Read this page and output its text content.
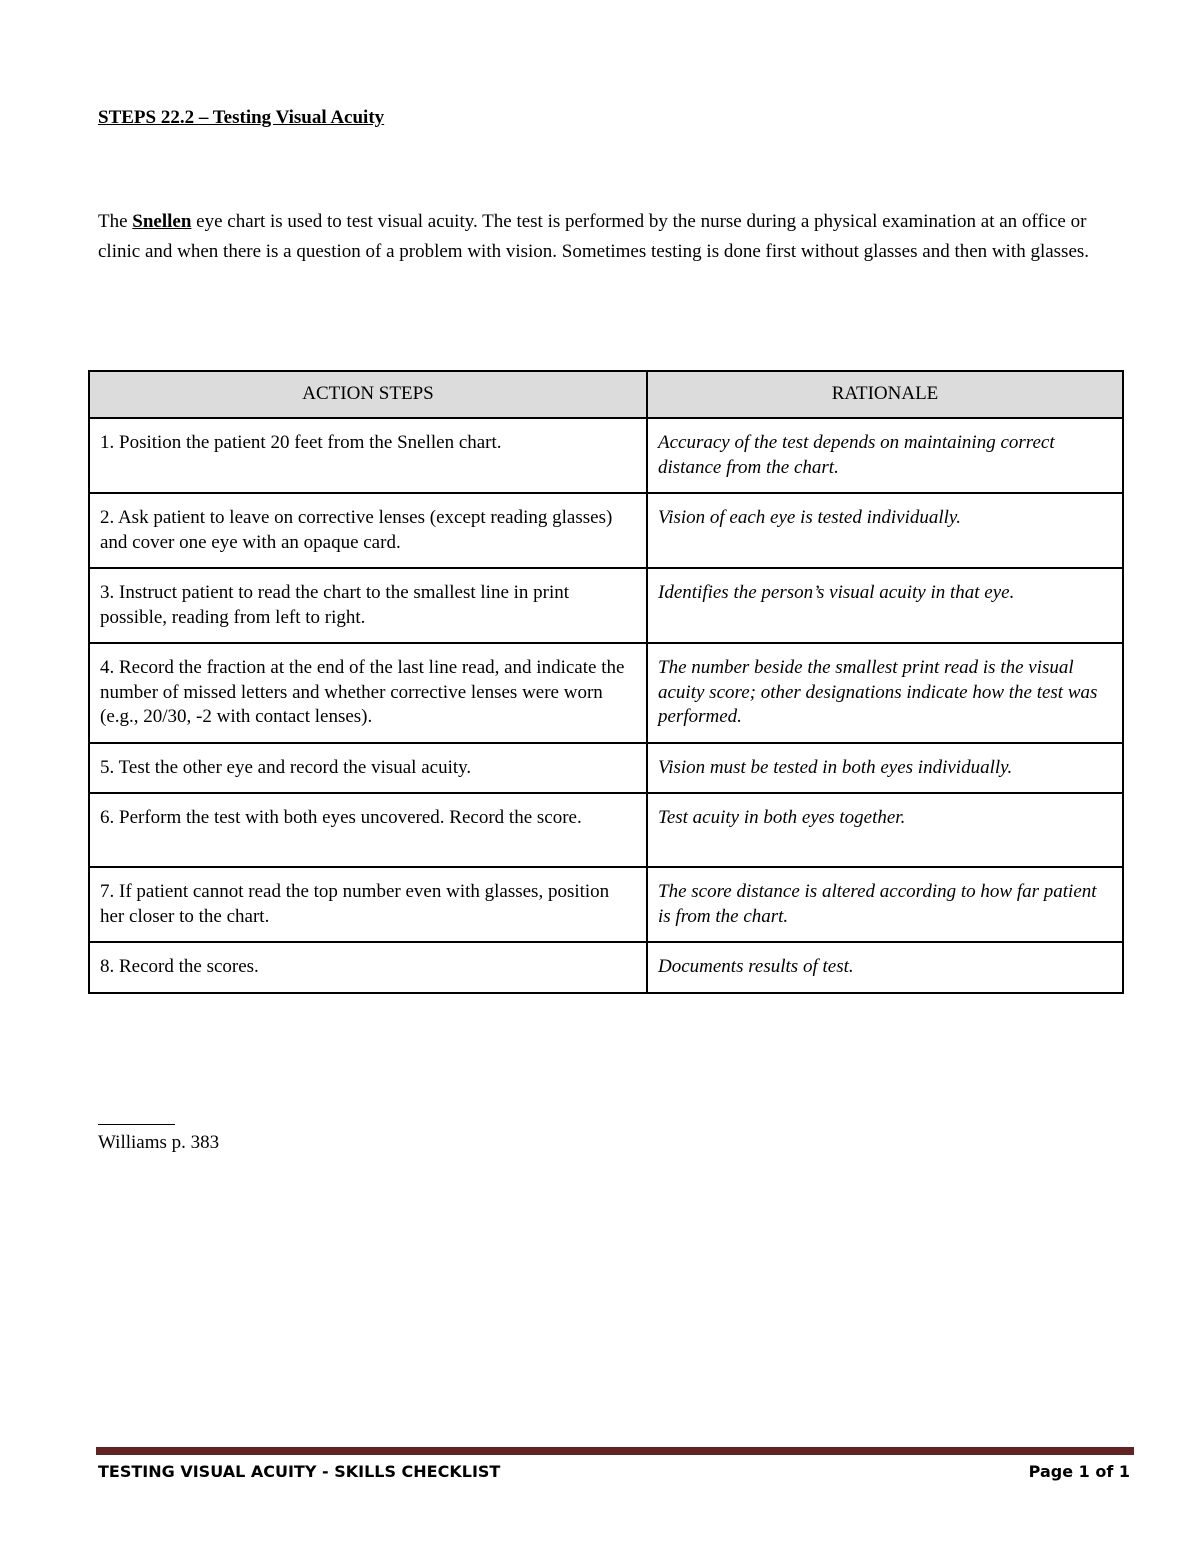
STEPS 22.2 – Testing Visual Acuity

The Snellen eye chart is used to test visual acuity. The test is performed by the nurse during a physical examination at an office or clinic and when there is a question of a problem with vision. Sometimes testing is done first without glasses and then with glasses.

ACTION STEPS	RATIONALE
1. Position the patient 20 feet from the Snellen chart.	Accuracy of the test depends on maintaining correct distance from the chart.
2. Ask patient to leave on corrective lenses (except reading glasses) and cover one eye with an opaque card.	Vision of each eye is tested individually.
3. Instruct patient to read the chart to the smallest line in print possible, reading from left to right.	Identifies the person’s visual acuity in that eye.
4. Record the fraction at the end of the last line read, and indicate the number of missed letters and whether corrective lenses were worn (e.g., 20/30, -2 with contact lenses).	The number beside the smallest print read is the visual acuity score; other designations indicate how the test was performed.
5. Test the other eye and record the visual acuity.	Vision must be tested in both eyes individually.
6. Perform the test with both eyes uncovered. Record the score.	Test acuity in both eyes together.
7. If patient cannot read the top number even with glasses, position her closer to the chart.	The score distance is altered according to how far patient is from the chart.
8. Record the scores.	Documents results of test.
Williams p. 383
TESTING VISUAL ACUITY - SKILLS CHECKLIST	Page 1 of 1
